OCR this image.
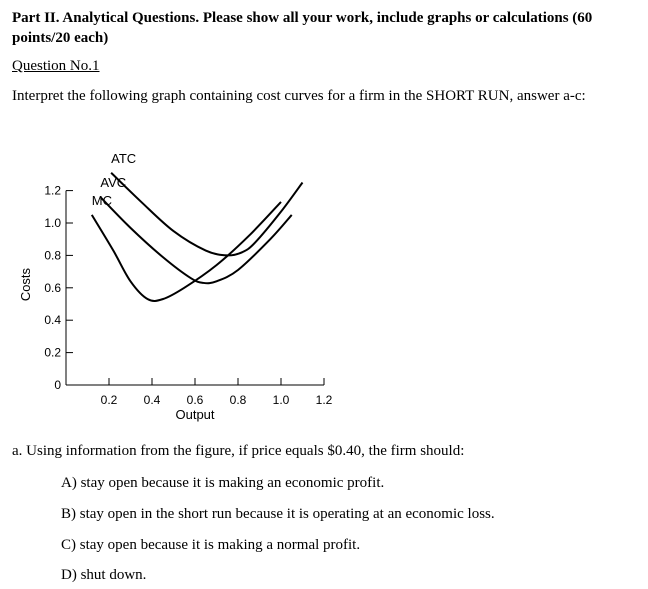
Part II. Analytical Questions. Please show all your work, include graphs or calculations (60 points/20 each)
Question No.1
Interpret the following graph containing cost curves for a firm in the SHORT RUN, answer a-c:
0
0.2
0.4
0.6
0.8
1.0
1.2
0.2 0.4 0.6 0.8 1.0 1.2
Output
Costs
ATC
AVC
MC
a. Using information from the figure, if price equals $0.40, the firm should:
A) stay open because it is making an economic profit.
B) stay open in the short run because it is operating at an economic loss.
C) stay open because it is making a normal profit.
D) shut down.
